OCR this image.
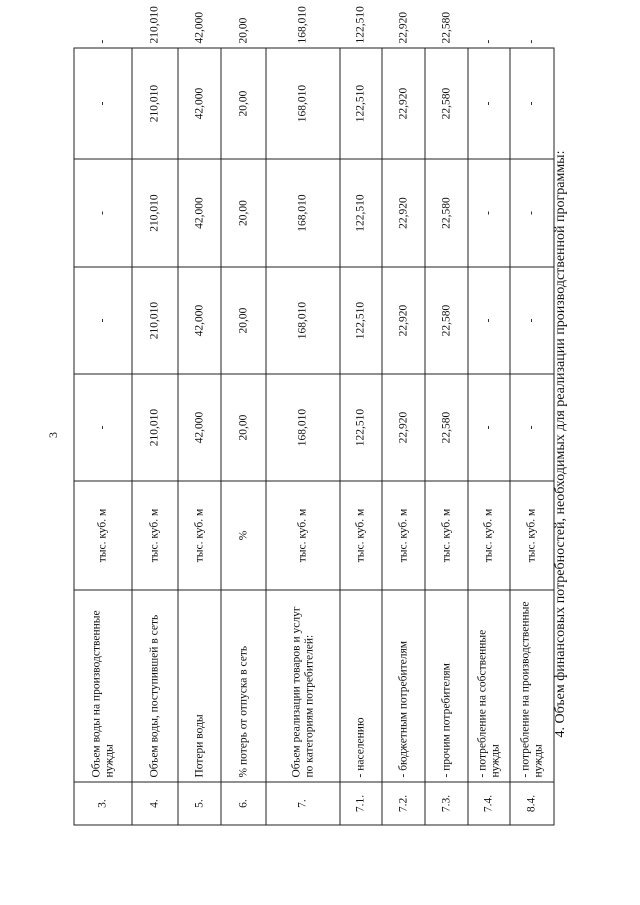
3
3.	Объем воды на производственные нужды	тыс. куб. м	-	-	-	-	-
4.	Объем воды, поступившей в сеть	тыс. куб. м	210,010	210,010	210,010	210,010	210,010
5.	Потери воды	тыс. куб. м	42,000	42,000	42,000	42,000	42,000
6.	% потерь от отпуска в сеть	%	20,00	20,00	20,00	20,00	20,00
7.	Объем реализации товаров и услуг по категориям потребителей:	тыс. куб. м	168,010	168,010	168,010	168,010	168,010
7.1.	- населению	тыс. куб. м	122,510	122,510	122,510	122,510	122,510
7.2.	- бюджетным потребителям	тыс. куб. м	22,920	22,920	22,920	22,920	22,920
7.3.	- прочим потребителям	тыс. куб. м	22,580	22,580	22,580	22,580	22,580
7.4.	- потребление на собственные нужды	тыс. куб. м	-	-	-	-	-
8.4.	- потребление на производственные нужды	тыс. куб. м	-	-	-	-	-
4. Объем финансовых потребностей, необходимых для реализации производственной программы:
